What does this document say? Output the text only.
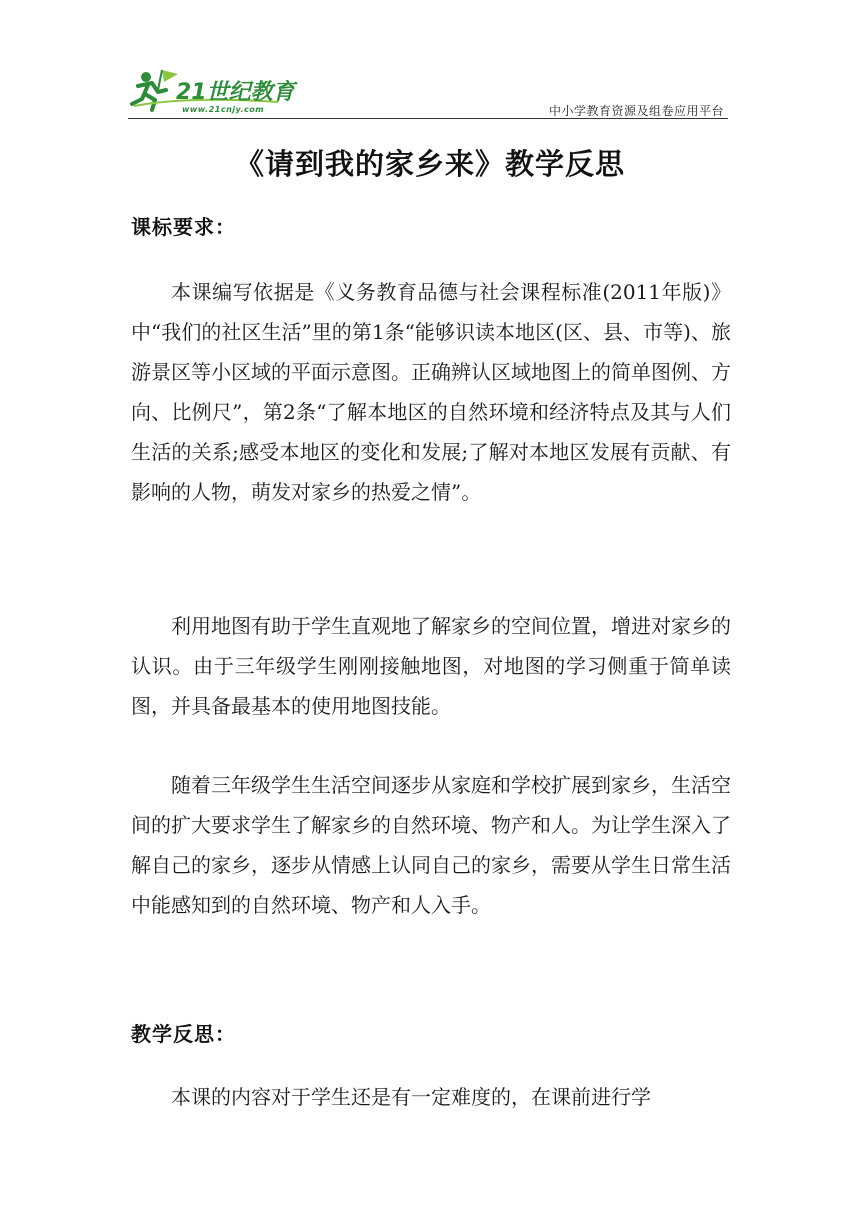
21世纪教育
www.21cnjy.com	中小学教育资源及组卷应用平台
《请到我的家乡来》教学反思
课标要求：

本课编写依据是《义务教育品德与社会课程标准(2011年版)》中“我们的社区生活”里的第1条“能够识读本地区(区、县、市等)、旅游景区等小区域的平面示意图。正确辨认区域地图上的简单图例、方向、比例尺”，第2条“了解本地区的自然环境和经济特点及其与人们生活的关系;感受本地区的变化和发展;了解对本地区发展有贡献、有影响的人物，萌发对家乡的热爱之情”。

利用地图有助于学生直观地了解家乡的空间位置，增进对家乡的认识。由于三年级学生刚刚接触地图，对地图的学习侧重于简单读图，并具备最基本的使用地图技能。

随着三年级学生生活空间逐步从家庭和学校扩展到家乡，生活空间的扩大要求学生了解家乡的自然环境、物产和人。为让学生深入了解自己的家乡，逐步从情感上认同自己的家乡，需要从学生日常生活中能感知到的自然环境、物产和人入手。

教学反思：

本课的内容对于学生还是有一定难度的，在课前进行学
